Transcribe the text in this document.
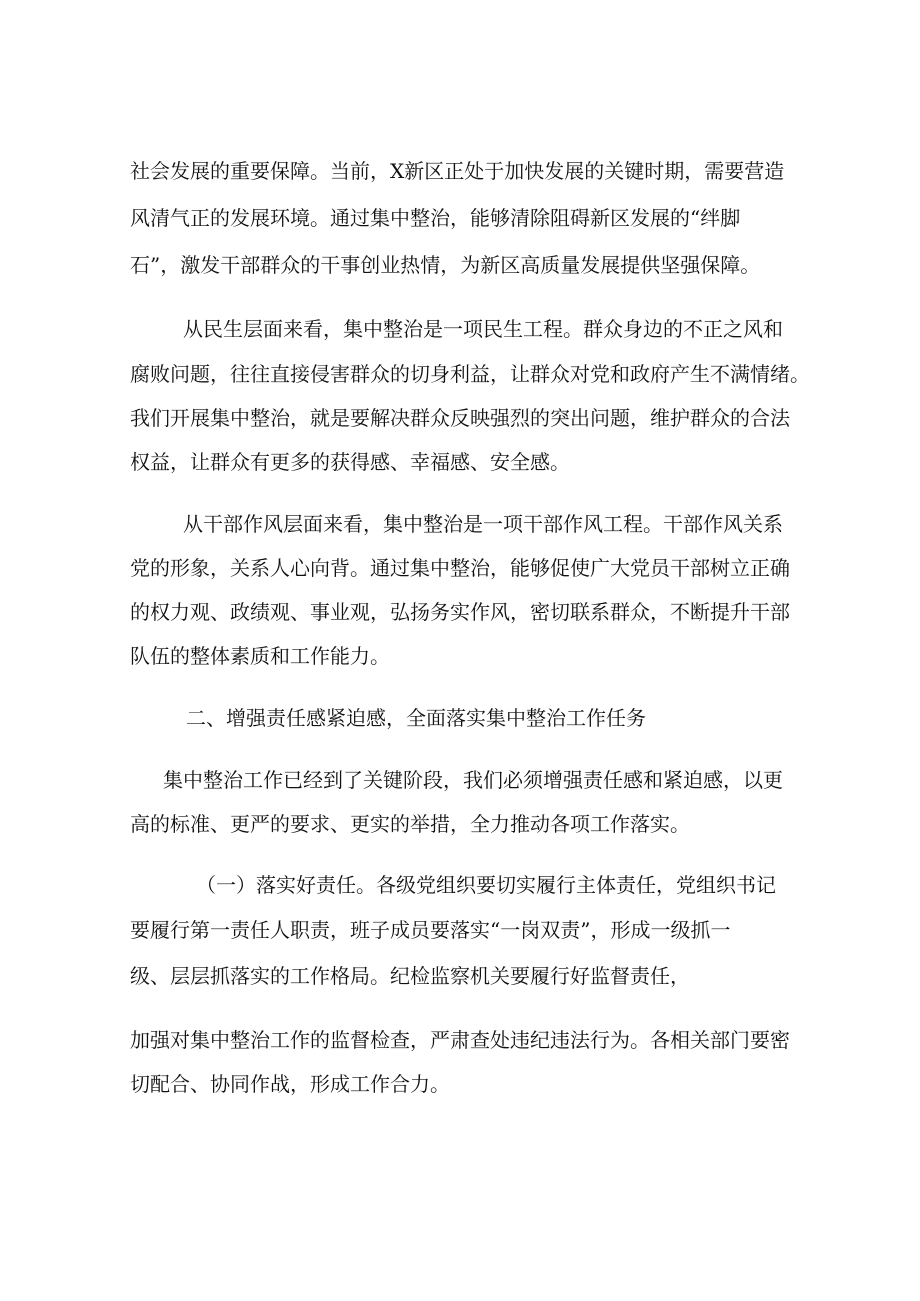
社会发展的重要保障。当前，X新区正处于加快发展的关键时期，需要营造

风清气正的发展环境。通过集中整治，能够清除阻碍新区发展的“绊脚

石”，激发干部群众的干事创业热情，为新区高质量发展提供坚强保障。

从民生层面来看，集中整治是一项民生工程。群众身边的不正之风和

腐败问题，往往直接侵害群众的切身利益，让群众对党和政府产生不满情绪。

我们开展集中整治，就是要解决群众反映强烈的突出问题，维护群众的合法

权益，让群众有更多的获得感、幸福感、安全感。

从干部作风层面来看，集中整治是一项干部作风工程。干部作风关系

党的形象，关系人心向背。通过集中整治，能够促使广大党员干部树立正确

的权力观、政绩观、事业观，弘扬务实作风，密切联系群众，不断提升干部

队伍的整体素质和工作能力。

二、增强责任感紧迫感，全面落实集中整治工作任务

集中整治工作已经到了关键阶段，我们必须增强责任感和紧迫感，以更

高的标准、更严的要求、更实的举措，全力推动各项工作落实。

（一）落实好责任。各级党组织要切实履行主体责任，党组织书记

要履行第一责任人职责，班子成员要落实“一岗双责”，形成一级抓一

级、层层抓落实的工作格局。纪检监察机关要履行好监督责任，

加强对集中整治工作的监督检查，严肃查处违纪违法行为。各相关部门要密

切配合、协同作战，形成工作合力。
